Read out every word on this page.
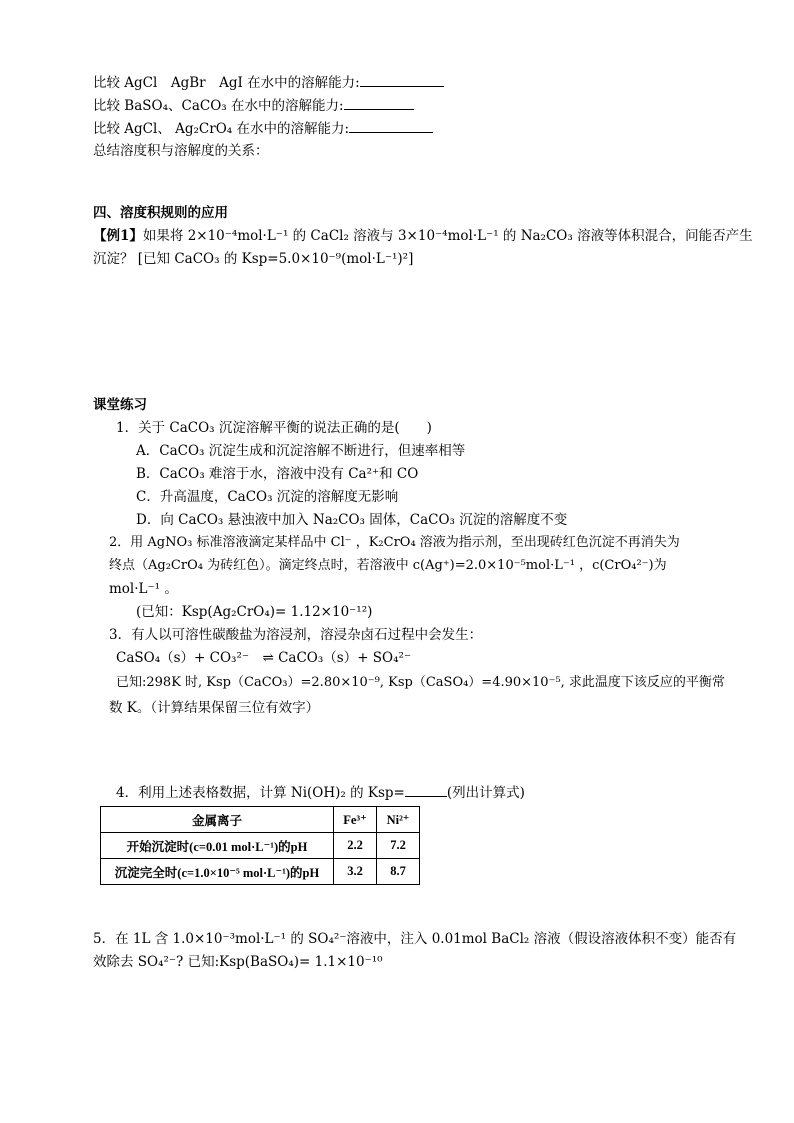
比较 AgCl　AgBr　AgI 在水中的溶解能力:
比较 BaSO₄、CaCO₃ 在水中的溶解能力:
比较 AgCl、 Ag₂CrO₄ 在水中的溶解能力:
总结溶度积与溶解度的关系：
四、溶度积规则的应用
【例1】如果将 2×10⁻⁴mol·L⁻¹ 的 CaCl₂ 溶液与 3×10⁻⁴mol·L⁻¹ 的 Na₂CO₃ 溶液等体积混合，问能否产生
沉淀？ [已知 CaCO₃ 的 Ksp=5.0×10⁻⁹(mol·L⁻¹)²]
课堂练习
1．关于 CaCO₃ 沉淀溶解平衡的说法正确的是(　　)
A．CaCO₃ 沉淀生成和沉淀溶解不断进行，但速率相等
B．CaCO₃ 难溶于水，溶液中没有 Ca²⁺和 CO
C．升高温度，CaCO₃ 沉淀的溶解度无影响
D．向 CaCO₃ 悬浊液中加入 Na₂CO₃ 固体，CaCO₃ 沉淀的溶解度不变
2．用 AgNO₃ 标准溶液滴定某样品中 Cl⁻ ，K₂CrO₄ 溶液为指示剂，至出现砖红色沉淀不再消失为
终点（Ag₂CrO₄ 为砖红色）。滴定终点时，若溶液中 c(Ag⁺)=2.0×10⁻⁵mol·L⁻¹ ，c(CrO₄²⁻)为
mol·L⁻¹ 。
(已知：Ksp(Ag₂CrO₄)= 1.12×10⁻¹²)
3．有人以可溶性碳酸盐为溶浸剂，溶浸杂卤石过程中会发生：
CaSO₄（s）+ CO₃²⁻　⇌ CaCO₃（s）+ SO₄²⁻
已知:298K 时, Ksp（CaCO₃）=2.80×10⁻⁹, Ksp（CaSO₄）=4.90×10⁻⁵, 求此温度下该反应的平衡常
数 K。（计算结果保留三位有效字）
4．利用上述表格数据，计算 Ni(OH)₂ 的 Ksp=	(列出计算式)
金属离子	Fe³⁺	Ni²⁺
开始沉淀时(c=0.01 mol·L⁻¹)的pH	2.2	7.2
沉淀完全时(c=1.0×10⁻⁵ mol·L⁻¹)的pH	3.2	8.7
5．在 1L 含 1.0×10⁻³mol·L⁻¹ 的 SO₄²⁻溶液中，注入 0.01mol BaCl₂ 溶液（假设溶液体积不变）能否有
效除去 SO₄²⁻? 已知:Ksp(BaSO₄)= 1.1×10⁻¹⁰
